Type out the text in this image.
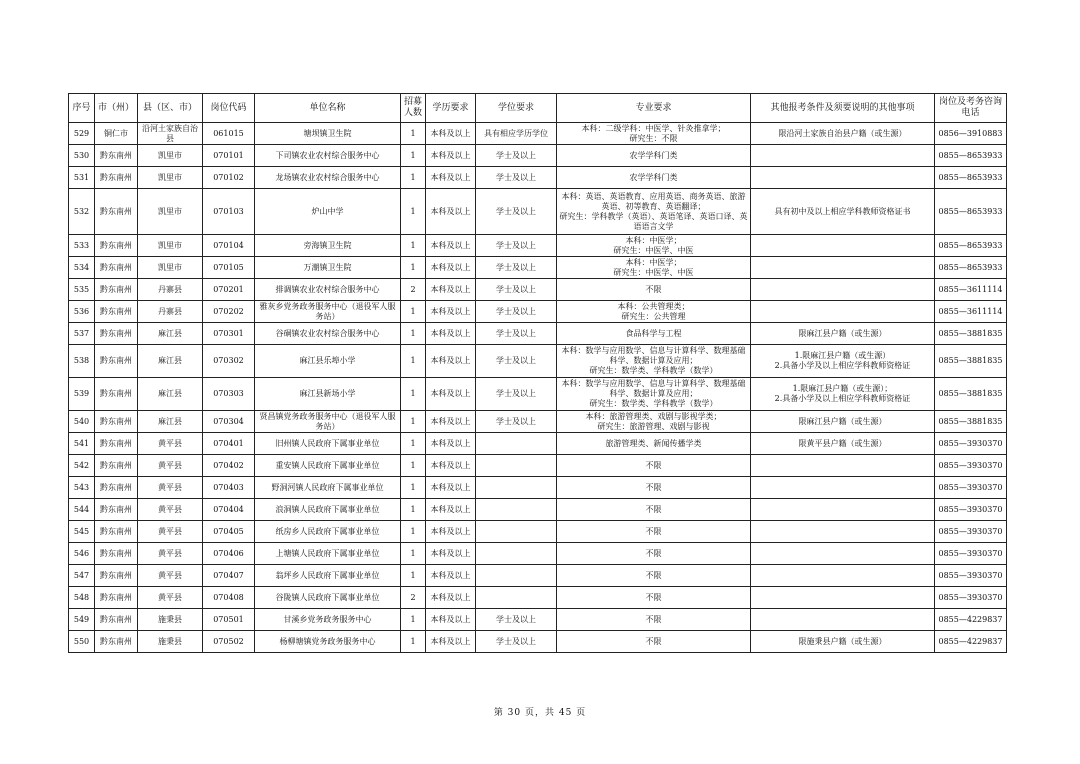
序号	市（州）	县（区、市）	岗位代码	单位名称	招募人数	学历要求	学位要求	专业要求	其他报考条件及须要说明的其他事项	岗位及考务咨询电话
529	铜仁市	沿河土家族自治县	061015	塘坝镇卫生院	1	本科及以上	具有相应学历学位	本科：二级学科：中医学、针灸推拿学；
研究生：不限	限沿河土家族自治县户籍（或生源）	0856—3910883
530	黔东南州	凯里市	070101	下司镇农业农村综合服务中心	1	本科及以上	学士及以上	农学学科门类		0855—8653933
531	黔东南州	凯里市	070102	龙场镇农业农村综合服务中心	1	本科及以上	学士及以上	农学学科门类		0855—8653933
532	黔东南州	凯里市	070103	炉山中学	1	本科及以上	学士及以上	本科：英语、英语教育、应用英语、商务英语、旅游英语、初等教育、英语翻译；
研究生：学科教学（英语）、英语笔译、英语口译、英语语言文学	具有初中及以上相应学科教师资格证书	0855—8653933
533	黔东南州	凯里市	070104	旁海镇卫生院	1	本科及以上	学士及以上	本科：中医学；
研究生：中医学、中医		0855—8653933
534	黔东南州	凯里市	070105	万潮镇卫生院	1	本科及以上	学士及以上	本科：中医学；
研究生：中医学、中医		0855—8653933
535	黔东南州	丹寨县	070201	排调镇农业农村综合服务中心	2	本科及以上	学士及以上	不限		0855—3611114
536	黔东南州	丹寨县	070202	雅灰乡党务政务服务中心（退役军人服务站）	1	本科及以上	学士及以上	本科：公共管理类；
研究生：公共管理		0855—3611114
537	黔东南州	麻江县	070301	谷硐镇农业农村综合服务中心	1	本科及以上	学士及以上	食品科学与工程	限麻江县户籍（或生源）	0855—3881835
538	黔东南州	麻江县	070302	麻江县乐埠小学	1	本科及以上	学士及以上	本科：数学与应用数学、信息与计算科学、数理基础科学、数据计算及应用；
研究生：数学类、学科教学（数学）	1.限麻江县户籍（或生源）
2.具备小学及以上相应学科教师资格证	0855—3881835
539	黔东南州	麻江县	070303	麻江县新场小学	1	本科及以上	学士及以上	本科：数学与应用数学、信息与计算科学、数理基础科学、数据计算及应用；
研究生：数学类、学科教学（数学）	1.限麻江县户籍（或生源）；
2.具备小学及以上相应学科教师资格证	0855—3881835
540	黔东南州	麻江县	070304	贤昌镇党务政务服务中心（退役军人服务站）	1	本科及以上	学士及以上	本科：旅游管理类、戏剧与影视学类；
研究生：旅游管理、戏剧与影视	限麻江县户籍（或生源）	0855—3881835
541	黔东南州	黄平县	070401	旧州镇人民政府下属事业单位	1	本科及以上		旅游管理类、新闻传播学类	限黄平县户籍（或生源）	0855—3930370
542	黔东南州	黄平县	070402	重安镇人民政府下属事业单位	1	本科及以上		不限		0855—3930370
543	黔东南州	黄平县	070403	野洞河镇人民政府下属事业单位	1	本科及以上		不限		0855—3930370
544	黔东南州	黄平县	070404	浪洞镇人民政府下属事业单位	1	本科及以上		不限		0855—3930370
545	黔东南州	黄平县	070405	纸房乡人民政府下属事业单位	1	本科及以上		不限		0855—3930370
546	黔东南州	黄平县	070406	上塘镇人民政府下属事业单位	1	本科及以上		不限		0855—3930370
547	黔东南州	黄平县	070407	翁坪乡人民政府下属事业单位	1	本科及以上		不限		0855—3930370
548	黔东南州	黄平县	070408	谷陇镇人民政府下属事业单位	2	本科及以上		不限		0855—3930370
549	黔东南州	施秉县	070501	甘溪乡党务政务服务中心	1	本科及以上	学士及以上	不限		0855—4229837
550	黔东南州	施秉县	070502	杨柳塘镇党务政务服务中心	1	本科及以上	学士及以上	不限	限施秉县户籍（或生源）	0855—4229837
第 30 页，共 45 页
